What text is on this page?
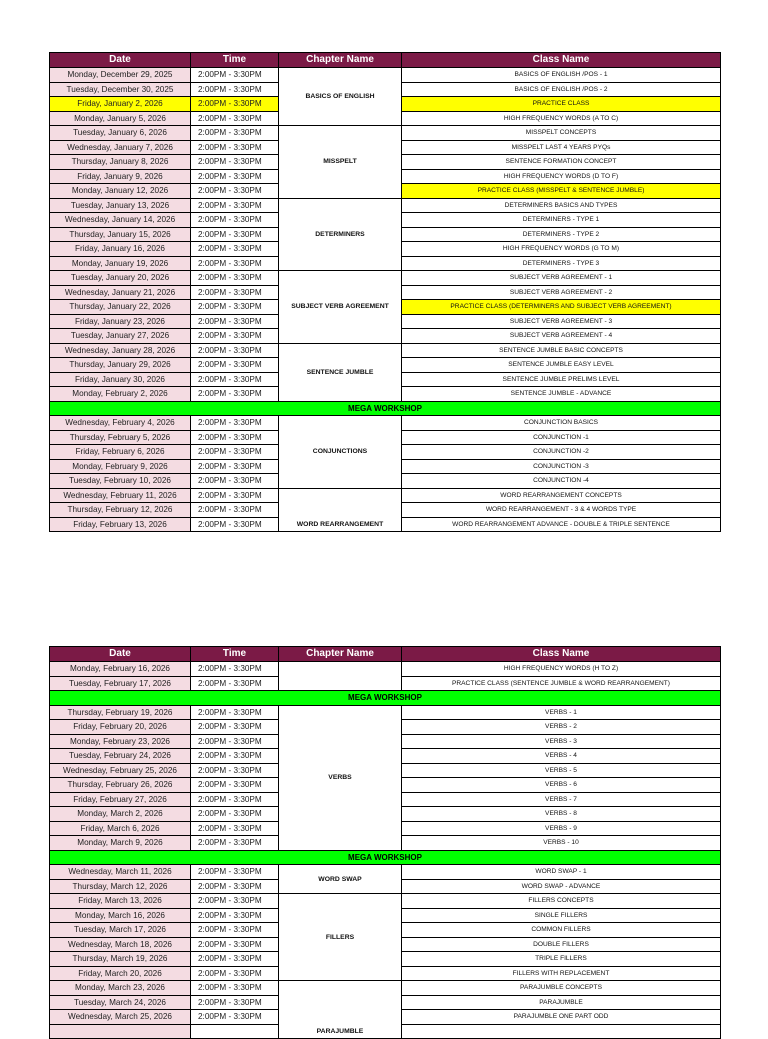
Date	Time	Chapter Name	Class Name
Monday, December 29, 2025	2:00PM - 3:30PM	BASICS OF ENGLISH	BASICS OF ENGLISH /POS - 1
Tuesday, December 30, 2025	2:00PM - 3:30PM		BASICS OF ENGLISH /POS - 2
Friday, January 2, 2026	2:00PM - 3:30PM		PRACTICE CLASS
Monday, January 5, 2026	2:00PM - 3:30PM		HIGH FREQUENCY WORDS (A TO C)
Tuesday, January 6, 2026	2:00PM - 3:30PM	MISSPELT	MISSPELT CONCEPTS
Wednesday, January 7, 2026	2:00PM - 3:30PM		MISSPELT LAST 4 YEARS PYQs
Thursday, January 8, 2026	2:00PM - 3:30PM		SENTENCE FORMATION CONCEPT
Friday, January 9, 2026	2:00PM - 3:30PM		HIGH FREQUENCY WORDS (D TO F)
Monday, January 12, 2026	2:00PM - 3:30PM		PRACTICE CLASS (MISSPELT & SENTENCE JUMBLE)
Tuesday, January 13, 2026	2:00PM - 3:30PM	DETERMINERS	DETERMINERS BASICS AND TYPES
Wednesday, January 14, 2026	2:00PM - 3:30PM		DETERMINERS - TYPE 1
Thursday, January 15, 2026	2:00PM - 3:30PM		DETERMINERS - TYPE 2
Friday, January 16, 2026	2:00PM - 3:30PM		HIGH FREQUENCY WORDS (G TO M)
Monday, January 19, 2026	2:00PM - 3:30PM		DETERMINERS - TYPE 3
Tuesday, January 20, 2026	2:00PM - 3:30PM	SUBJECT VERB AGREEMENT	SUBJECT VERB AGREEMENT - 1
Wednesday, January 21, 2026	2:00PM - 3:30PM		SUBJECT VERB AGREEMENT - 2
Thursday, January 22, 2026	2:00PM - 3:30PM		PRACTICE CLASS (DETERMINERS AND SUBJECT VERB AGREEMENT)
Friday, January 23, 2026	2:00PM - 3:30PM		SUBJECT VERB AGREEMENT - 3
Tuesday, January 27, 2026	2:00PM - 3:30PM		SUBJECT VERB AGREEMENT - 4
Wednesday, January 28, 2026	2:00PM - 3:30PM	SENTENCE JUMBLE	SENTENCE JUMBLE BASIC CONCEPTS
Thursday, January 29, 2026	2:00PM - 3:30PM		SENTENCE JUMBLE EASY LEVEL
Friday, January 30, 2026	2:00PM - 3:30PM		SENTENCE JUMBLE PRELIMS LEVEL
Monday, February 2, 2026	2:00PM - 3:30PM		SENTENCE JUMBLE - ADVANCE
MEGA WORKSHOP			
Wednesday, February 4, 2026	2:00PM - 3:30PM	CONJUNCTIONS	CONJUNCTION BASICS
Thursday, February 5, 2026	2:00PM - 3:30PM		CONJUNCTION -1
Friday, February 6, 2026	2:00PM - 3:30PM		CONJUNCTION -2
Monday, February 9, 2026	2:00PM - 3:30PM		CONJUNCTION -3
Tuesday, February 10, 2026	2:00PM - 3:30PM		CONJUNCTION -4
Wednesday, February 11, 2026	2:00PM - 3:30PM	WORD REARRANGEMENT	WORD REARRANGEMENT CONCEPTS
Thursday, February 12, 2026	2:00PM - 3:30PM		WORD REARRANGEMENT - 3 & 4 WORDS TYPE
Friday, February 13, 2026	2:00PM - 3:30PM		WORD REARRANGEMENT ADVANCE - DOUBLE & TRIPLE SENTENCE
Date	Time	Chapter Name	Class Name
Monday, February 16, 2026	2:00PM - 3:30PM		HIGH FREQUENCY WORDS (H TO Z)
Tuesday, February 17, 2026	2:00PM - 3:30PM		PRACTICE CLASS (SENTENCE JUMBLE & WORD REARRANGEMENT)
MEGA WORKSHOP			
Thursday, February 19, 2026	2:00PM - 3:30PM	VERBS	VERBS - 1
Friday, February 20, 2026	2:00PM - 3:30PM		VERBS - 2
Monday, February 23, 2026	2:00PM - 3:30PM		VERBS - 3
Tuesday, February 24, 2026	2:00PM - 3:30PM		VERBS - 4
Wednesday, February 25, 2026	2:00PM - 3:30PM		VERBS - 5
Thursday, February 26, 2026	2:00PM - 3:30PM		VERBS - 6
Friday, February 27, 2026	2:00PM - 3:30PM		VERBS - 7
Monday, March 2, 2026	2:00PM - 3:30PM		VERBS - 8
Friday, March 6, 2026	2:00PM - 3:30PM		VERBS - 9
Monday, March 9, 2026	2:00PM - 3:30PM		VERBS - 10
MEGA WORKSHOP			
Wednesday, March 11, 2026	2:00PM - 3:30PM	WORD SWAP	WORD SWAP - 1
Thursday, March 12, 2026	2:00PM - 3:30PM		WORD SWAP - ADVANCE
Friday, March 13, 2026	2:00PM - 3:30PM	FILLERS	FILLERS CONCEPTS
Monday, March 16, 2026	2:00PM - 3:30PM		SINGLE FILLERS
Tuesday, March 17, 2026	2:00PM - 3:30PM		COMMON FILLERS
Wednesday, March 18, 2026	2:00PM - 3:30PM		DOUBLE FILLERS
Thursday, March 19, 2026	2:00PM - 3:30PM		TRIPLE FILLERS
Friday, March 20, 2026	2:00PM - 3:30PM		FILLERS WITH REPLACEMENT
Monday, March 23, 2026	2:00PM - 3:30PM	PARAJUMBLE	PARAJUMBLE CONCEPTS
Tuesday, March 24, 2026	2:00PM - 3:30PM		PARAJUMBLE
Wednesday, March 25, 2026	2:00PM - 3:30PM		PARAJUMBLE ONE PART ODD
